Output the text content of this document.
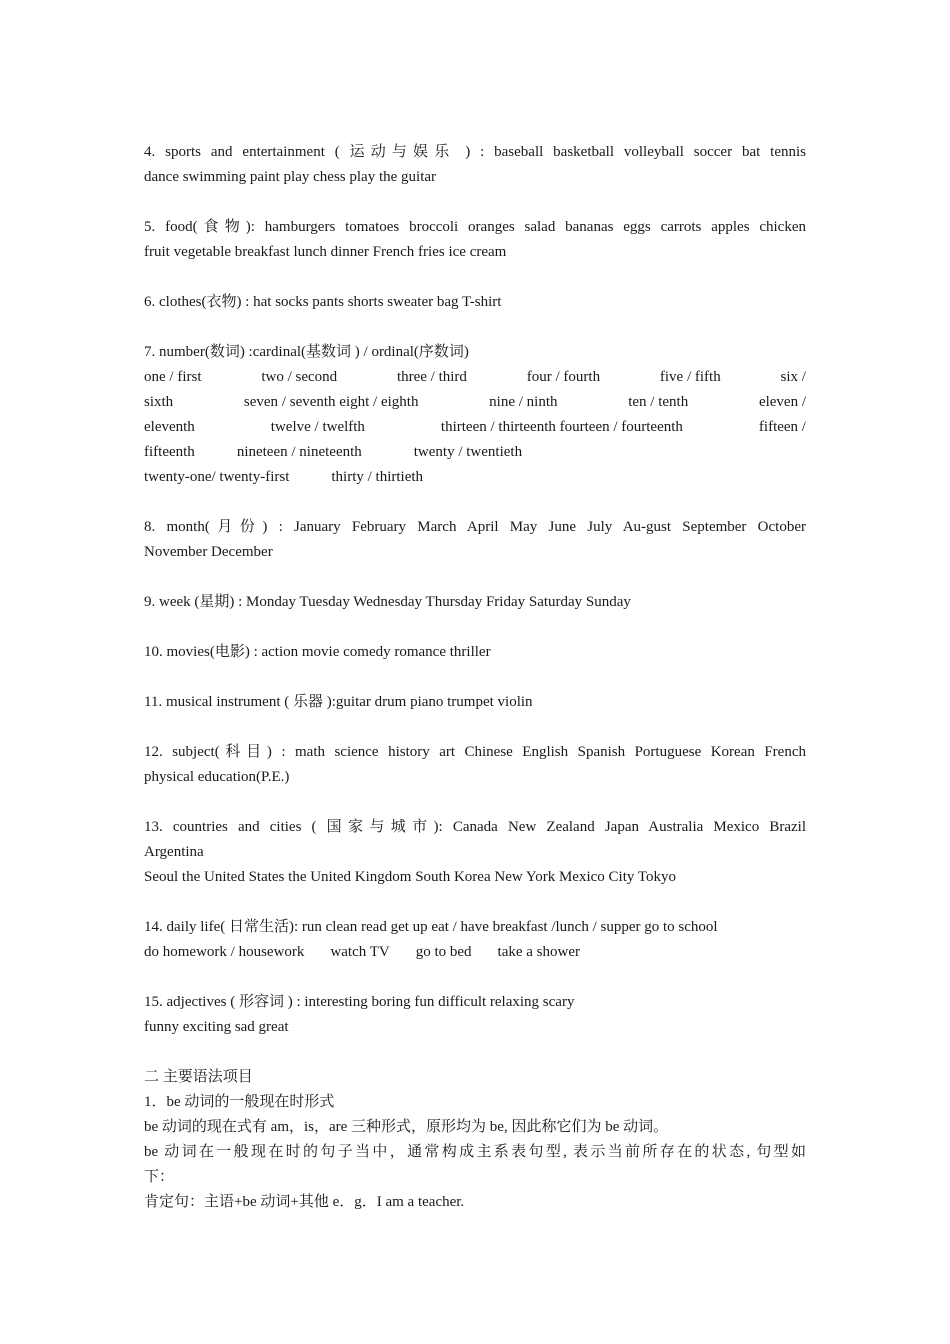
4. sports and entertainment ( 运动与娱乐 ) : baseball basketball volleyball soccer bat tennis
dance swimming paint play chess play the guitar
5. food(食物): hamburgers tomatoes broccoli oranges salad bananas eggs carrots apples chicken
fruit vegetable breakfast lunch dinner French fries ice cream
6. clothes(衣物) : hat socks pants shorts sweater bag T-shirt
7. number(数词) :cardinal(基数词 ) / ordinal(序数词)
one / first	two / second	three / third	four / fourth	five / fifth	six /
sixth	seven / seventh eight / eighth	nine / ninth	ten / tenth	eleven /
eleventh	twelve / twelfth	thirteen / thirteenth fourteen / fourteenth	fifteen /
fifteenth	nineteen / nineteenth	twenty / twentieth
twenty-one/ twenty-first	thirty / thirtieth
8. month(月份) : January February March April May June July Au-gust September October
November December
9. week (星期) : Monday Tuesday Wednesday Thursday Friday Saturday Sunday
10. movies(电影) : action movie comedy romance thriller
11. musical instrument ( 乐器 ):guitar drum piano trumpet violin
12. subject(科目) : math science history art Chinese English Spanish Portuguese Korean French
physical education(P.E.)
13. countries and cities ( 国家与城市): Canada New Zealand Japan Australia Mexico Brazil
Argentina
Seoul the United States the United Kingdom South Korea New York Mexico City Tokyo
14. daily life( 日常生活): run clean read get up eat / have breakfast /lunch / supper go to school
do homework / housework watch TV go to bed take a shower
15. adjectives ( 形容词 ) : interesting boring fun difficult relaxing scary
funny exciting sad great
二 主要语法项目
1．be 动词的一般现在时形式
be 动词的现在式有 am，is，are 三种形式，原形均为 be, 因此称它们为 be 动词。
be 动词在一般现在时的句子当中，通常构成主系表句型, 表示当前所存在的状态, 句型如
下：
肯定句：主语+be 动词+其他 e．g．I am a teacher.
